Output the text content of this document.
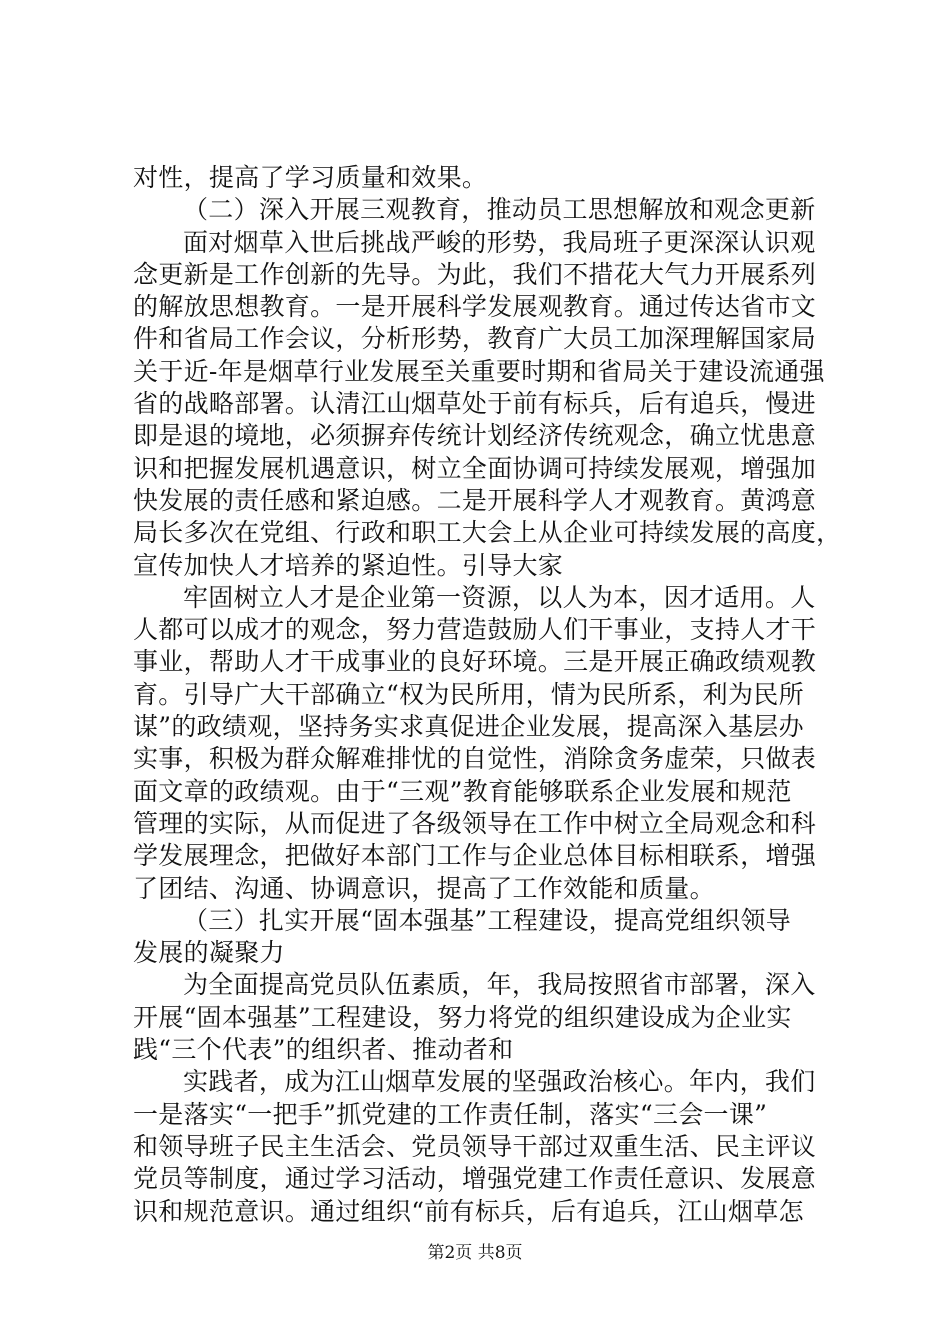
对性，提高了学习质量和效果。
（二）深入开展三观教育，推动员工思想解放和观念更新
面对烟草入世后挑战严峻的形势，我局班子更深深认识观
念更新是工作创新的先导。为此，我们不措花大气力开展系列
的解放思想教育。一是开展科学发展观教育。通过传达省市文
件和省局工作会议，分析形势，教育广大员工加深理解国家局
关于近-年是烟草行业发展至关重要时期和省局关于建设流通强
省的战略部署。认清江山烟草处于前有标兵，后有追兵，慢进
即是退的境地，必须摒弃传统计划经济传统观念，确立忧患意
识和把握发展机遇意识，树立全面协调可持续发展观，增强加
快发展的责任感和紧迫感。二是开展科学人才观教育。黄鸿意
局长多次在党组、行政和职工大会上从企业可持续发展的高度，
宣传加快人才培养的紧迫性。引导大家
牢固树立人才是企业第一资源，以人为本，因才适用。人
人都可以成才的观念，努力营造鼓励人们干事业，支持人才干
事业，帮助人才干成事业的良好环境。三是开展正确政绩观教
育。引导广大干部确立“权为民所用，情为民所系，利为民所
谋”的政绩观，坚持务实求真促进企业发展，提高深入基层办
实事，积极为群众解难排忧的自觉性，消除贪务虚荣，只做表
面文章的政绩观。由于“三观”教育能够联系企业发展和规范
管理的实际，从而促进了各级领导在工作中树立全局观念和科
学发展理念，把做好本部门工作与企业总体目标相联系，增强
了团结、沟通、协调意识，提高了工作效能和质量。
（三）扎实开展“固本强基”工程建设，提高党组织领导
发展的凝聚力
为全面提高党员队伍素质，年，我局按照省市部署，深入
开展“固本强基”工程建设，努力将党的组织建设成为企业实
践“三个代表”的组织者、推动者和
实践者，成为江山烟草发展的坚强政治核心。年内，我们
一是落实“一把手”抓党建的工作责任制，落实“三会一课”
和领导班子民主生活会、党员领导干部过双重生活、民主评议
党员等制度，通过学习活动，增强党建工作责任意识、发展意
识和规范意识。通过组织“前有标兵，后有追兵，江山烟草怎
第2页 共8页
